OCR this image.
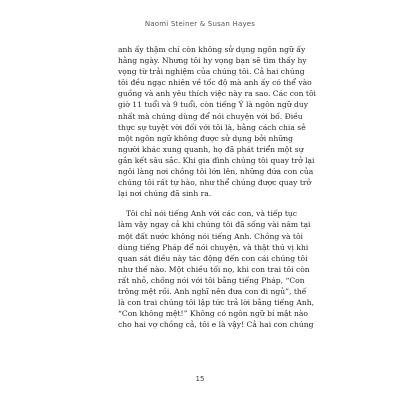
Naomi Steiner & Susan Hayes

anh ấy thậm chí còn không sử dụng ngôn ngữ ấy
hằng ngày. Nhưng tôi hy vọng bạn sẽ tìm thấy hy
vọng từ trải nghiệm của chúng tôi. Cả hai chúng
tôi đều ngạc nhiên về tốc độ mà anh ấy có thể vào
guồng và anh yêu thích việc này ra sao. Các con tôi
giờ 11 tuổi và 9 tuổi, còn tiếng Ý là ngôn ngữ duy
nhất mà chúng dùng để nói chuyện với bố. Điều
thực sự tuyệt vời đối với tôi là, bằng cách chia sẻ
một ngôn ngữ không được sử dụng bởi những
người khác xung quanh, họ đã phát triển một sự
gắn kết sâu sắc. Khi gia đình chúng tôi quay trở lại
ngôi làng nơi chồng tôi lớn lên, những đứa con của
chúng tôi rất tự hào, như thể chúng được quay trở
lại nơi chúng đã sinh ra.

Tôi chỉ nói tiếng Anh với các con, và tiếp tục
làm vậy ngay cả khi chúng tôi đã sống vài năm tại
một đất nước không nói tiếng Anh. Chồng và tôi
dùng tiếng Pháp để nói chuyện, và thật thú vị khi
quan sát điều này tác động đến con cái chúng tôi
như thế nào. Một chiều tối nọ, khi con trai tôi còn
rất nhỏ, chồng nói với tôi bằng tiếng Pháp, “Con
trông mệt rồi. Anh nghĩ nên đưa con đi ngủ”, thế
là con trai chúng tôi lập tức trả lời bằng tiếng Anh,
“Con không mệt!” Không có ngôn ngữ bí mật nào
cho hai vợ chồng cả, tôi e là vậy! Cả hai con chúng

15
